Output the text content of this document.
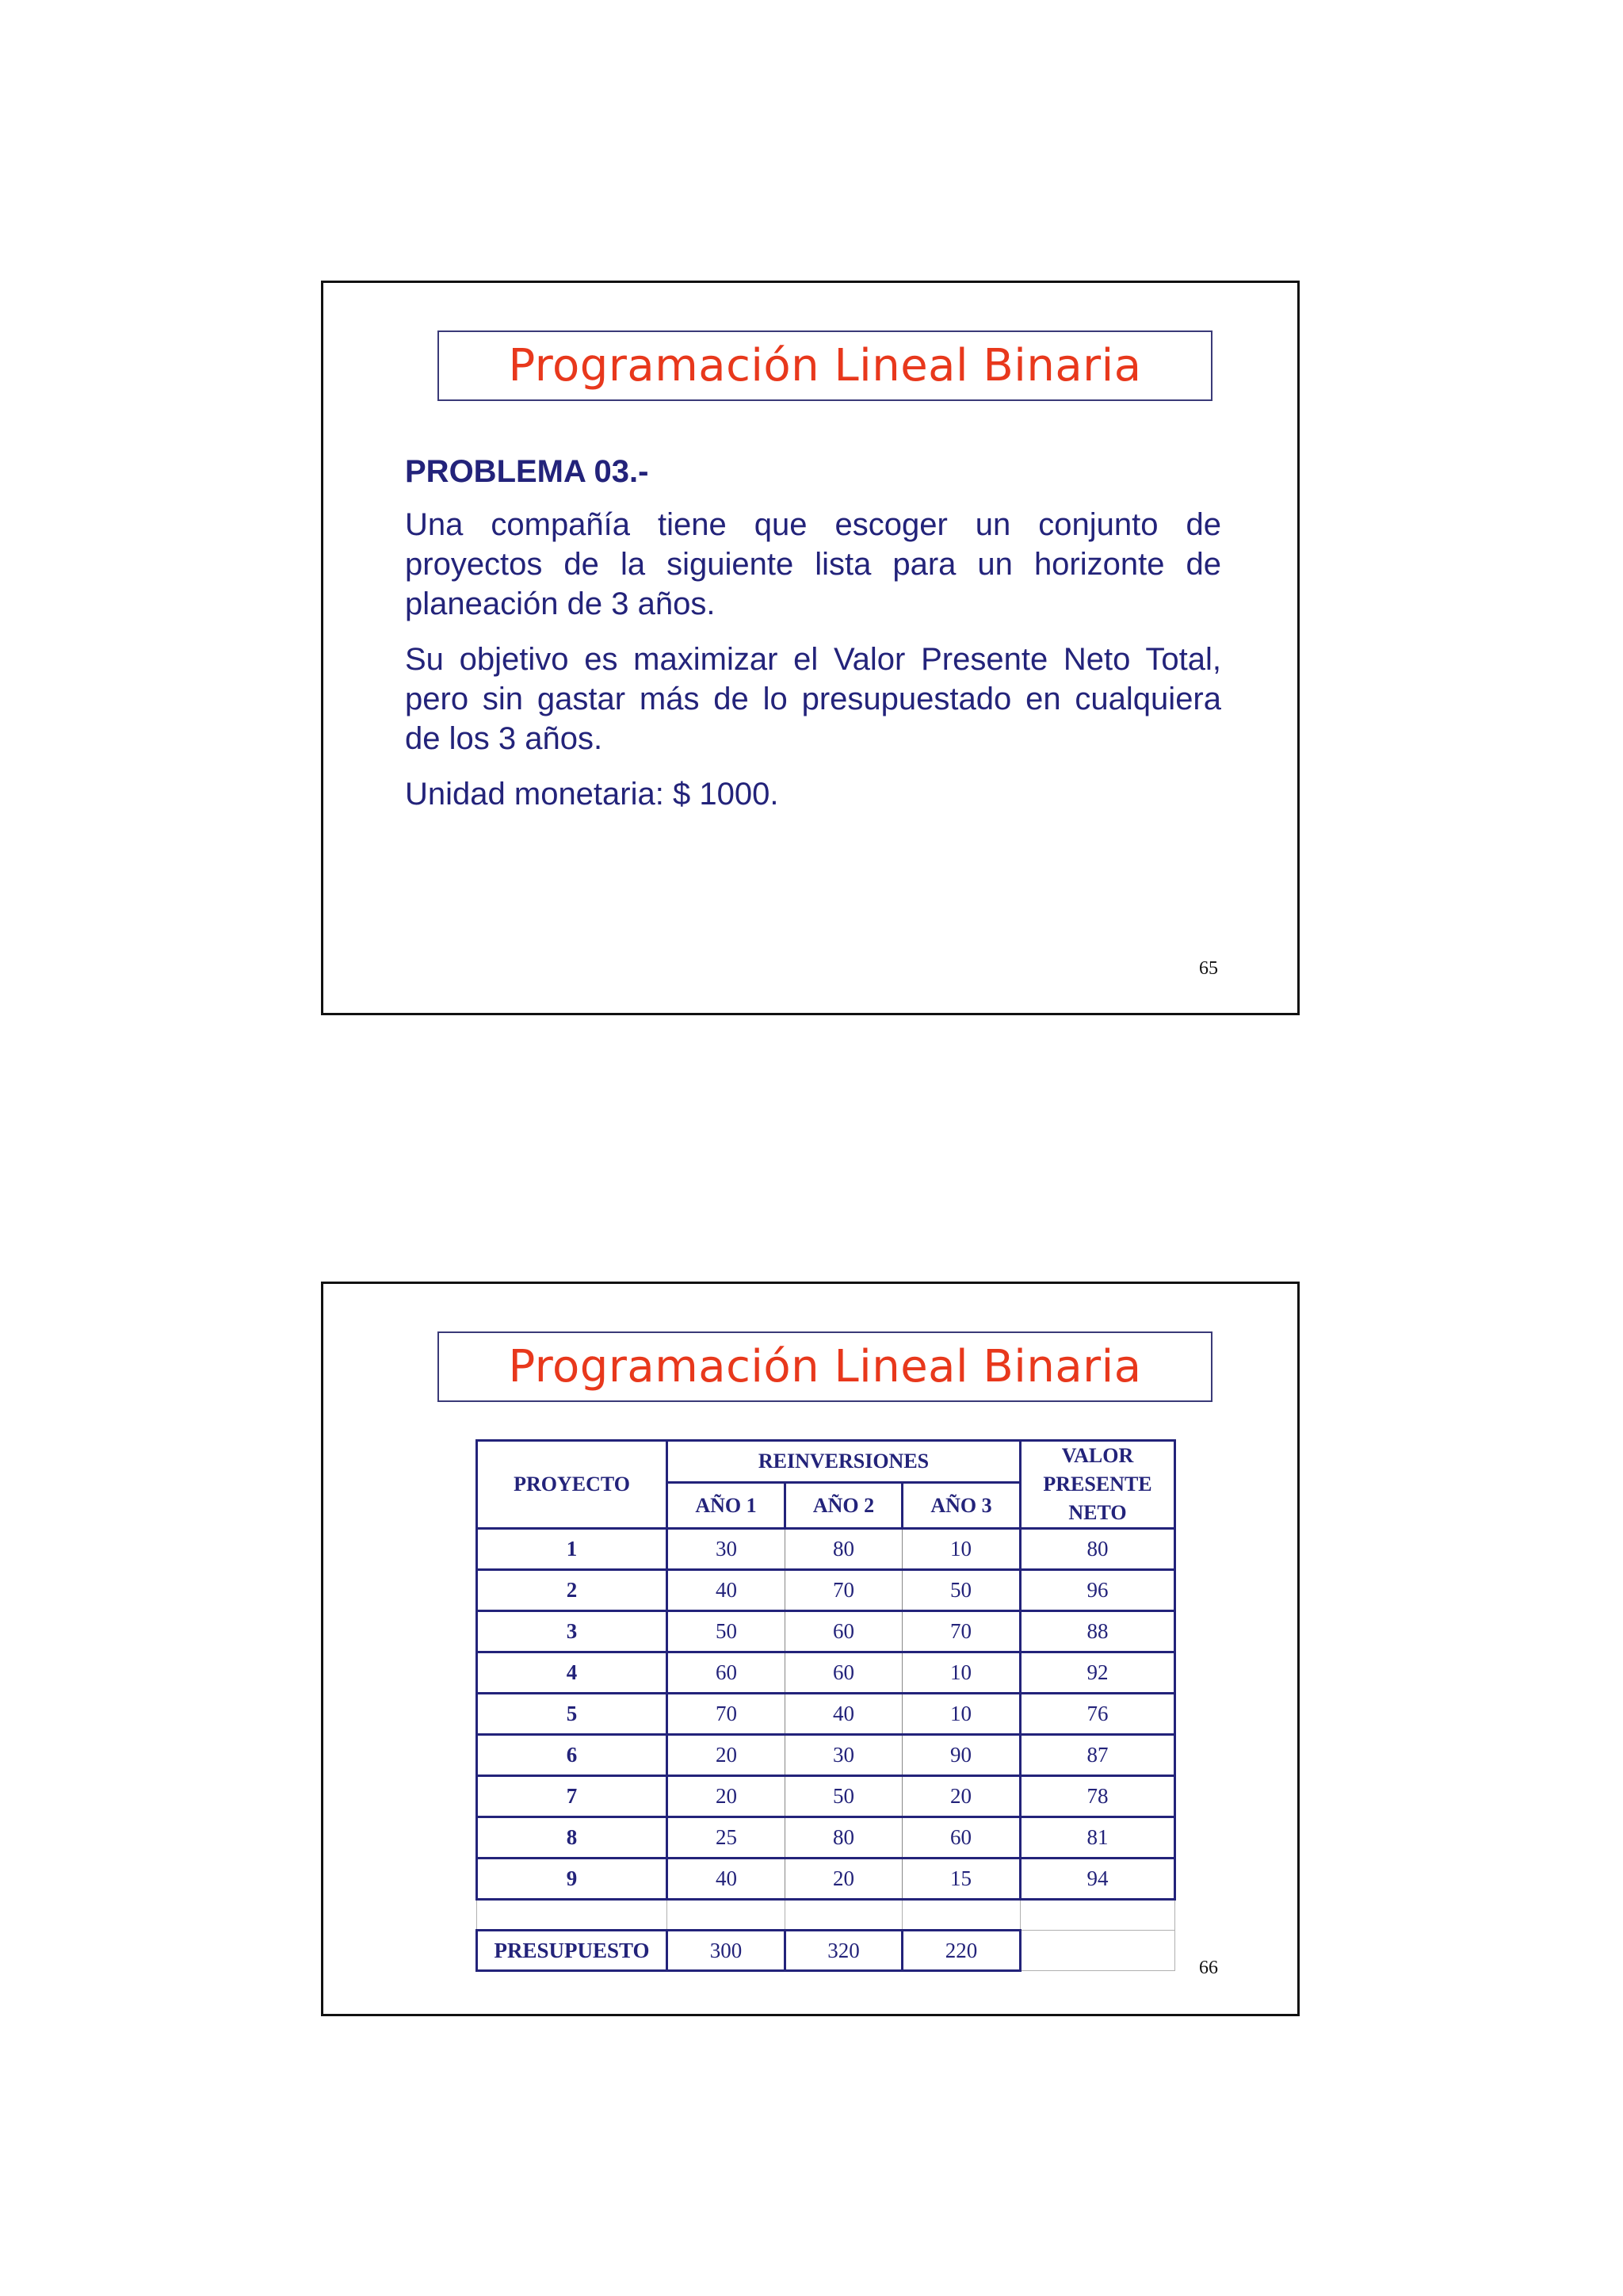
Programación Lineal Binaria
PROBLEMA 03.-
Una compañía tiene que escoger un conjunto de proyectos de la siguiente lista para un horizonte de planeación de 3 años.
Su objetivo es maximizar el Valor Presente Neto Total, pero sin gastar más de lo presupuestado en cualquiera de los 3 años.
Unidad monetaria: $ 1000.
65
Programación Lineal Binaria
PROYECTO	REINVERSIONES			VALOR PRESENTE NETO
	AÑO 1	AÑO 2	AÑO 3	
1	30	80	10	80
2	40	70	50	96
3	50	60	70	88
4	60	60	10	92
5	70	40	10	76
6	20	30	90	87
7	20	50	20	78
8	25	80	60	81
9	40	20	15	94

PRESUPUESTO	300	320	220	
66
